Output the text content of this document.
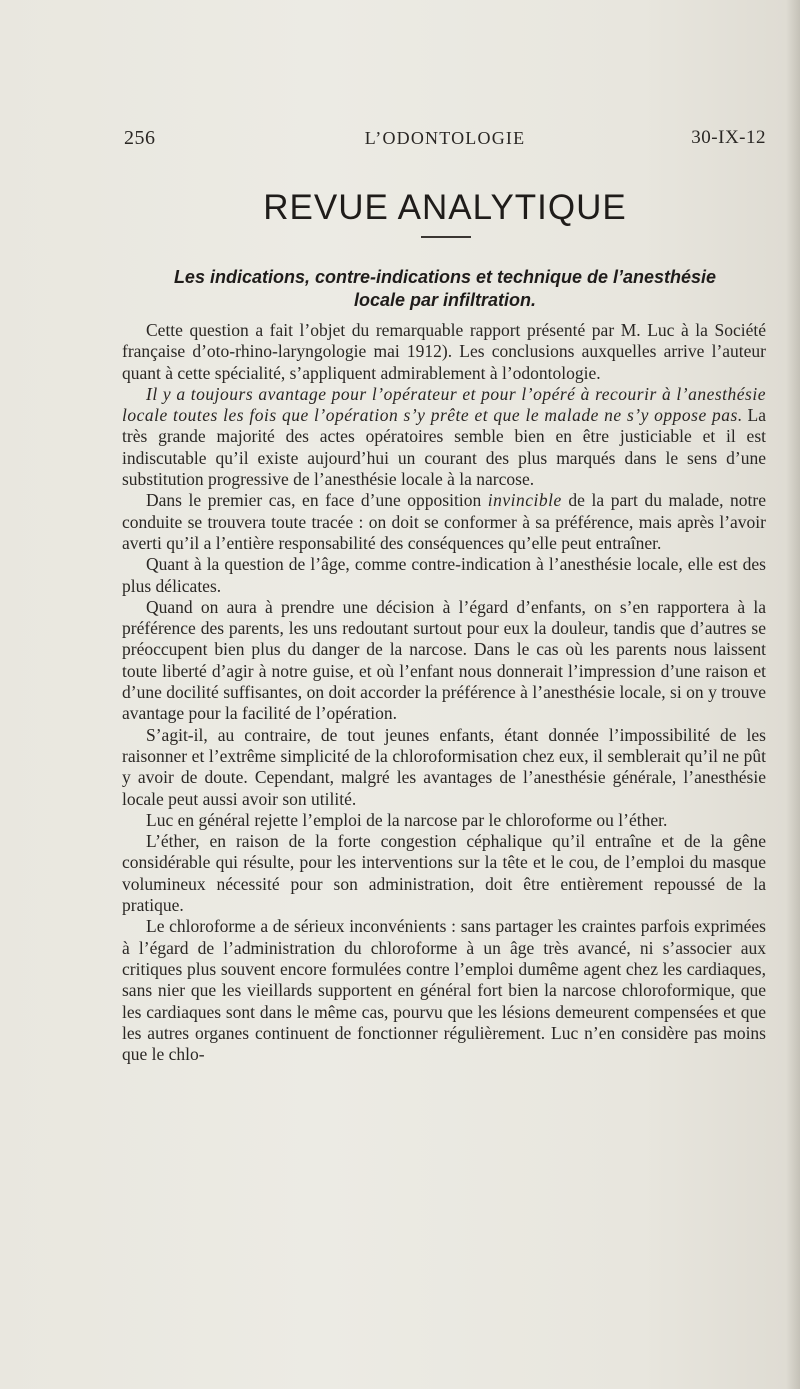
256	L’ODONTOLOGIE	30-IX-12
REVUE ANALYTIQUE
Les indications, contre-indications et technique de l’anesthésie
locale par infiltration.

Cette question a fait l’objet du remarquable rapport présenté par M. Luc à la Société française d’oto-rhino-laryngologie mai 1912). Les conclusions auxquelles arrive l’auteur quant à cette spécialité, s’appliquent admirablement à l’odontologie.

Il y a toujours avantage pour l’opérateur et pour l’opéré à recourir à l’anesthésie locale toutes les fois que l’opération s’y prête et que le malade ne s’y oppose pas. La très grande majorité des actes opératoires semble bien en être justiciable et il est indiscutable qu’il existe aujourd’hui un courant des plus marqués dans le sens d’une substitution progressive de l’anesthésie locale à la narcose.

Dans le premier cas, en face d’une opposition invincible de la part du malade, notre conduite se trouvera toute tracée : on doit se conformer à sa préférence, mais après l’avoir averti qu’il a l’entière responsabilité des conséquences qu’elle peut entraîner.

Quant à la question de l’âge, comme contre-indication à l’anesthésie locale, elle est des plus délicates.

Quand on aura à prendre une décision à l’égard d’enfants, on s’en rapportera à la préférence des parents, les uns redoutant surtout pour eux la douleur, tandis que d’autres se préoccupent bien plus du danger de la narcose. Dans le cas où les parents nous laissent toute liberté d’agir à notre guise, et où l’enfant nous donnerait l’impression d’une raison et d’une docilité suffisantes, on doit accorder la préférence à l’anesthésie locale, si on y trouve avantage pour la facilité de l’opération.

S’agit-il, au contraire, de tout jeunes enfants, étant donnée l’impossibilité de les raisonner et l’extrême simplicité de la chloroformisation chez eux, il semblerait qu’il ne pût y avoir de doute. Cependant, malgré les avantages de l’anesthésie générale, l’anesthésie locale peut aussi avoir son utilité.

Luc en général rejette l’emploi de la narcose par le chloroforme ou l’éther.

L’éther, en raison de la forte congestion céphalique qu’il entraîne et de la gêne considérable qui résulte, pour les interventions sur la tête et le cou, de l’emploi du masque volumineux nécessité pour son administration, doit être entièrement repoussé de la pratique.

Le chloroforme a de sérieux inconvénients : sans partager les craintes parfois exprimées à l’égard de l’administration du chloroforme à un âge très avancé, ni s’associer aux critiques plus souvent encore formulées contre l’emploi dumême agent chez les cardiaques, sans nier que les vieillards supportent en général fort bien la narcose chloroformique, que les cardiaques sont dans le même cas, pourvu que les lésions demeurent compensées et que les autres organes continuent de fonctionner régulièrement. Luc n’en considère pas moins que le chlo-
